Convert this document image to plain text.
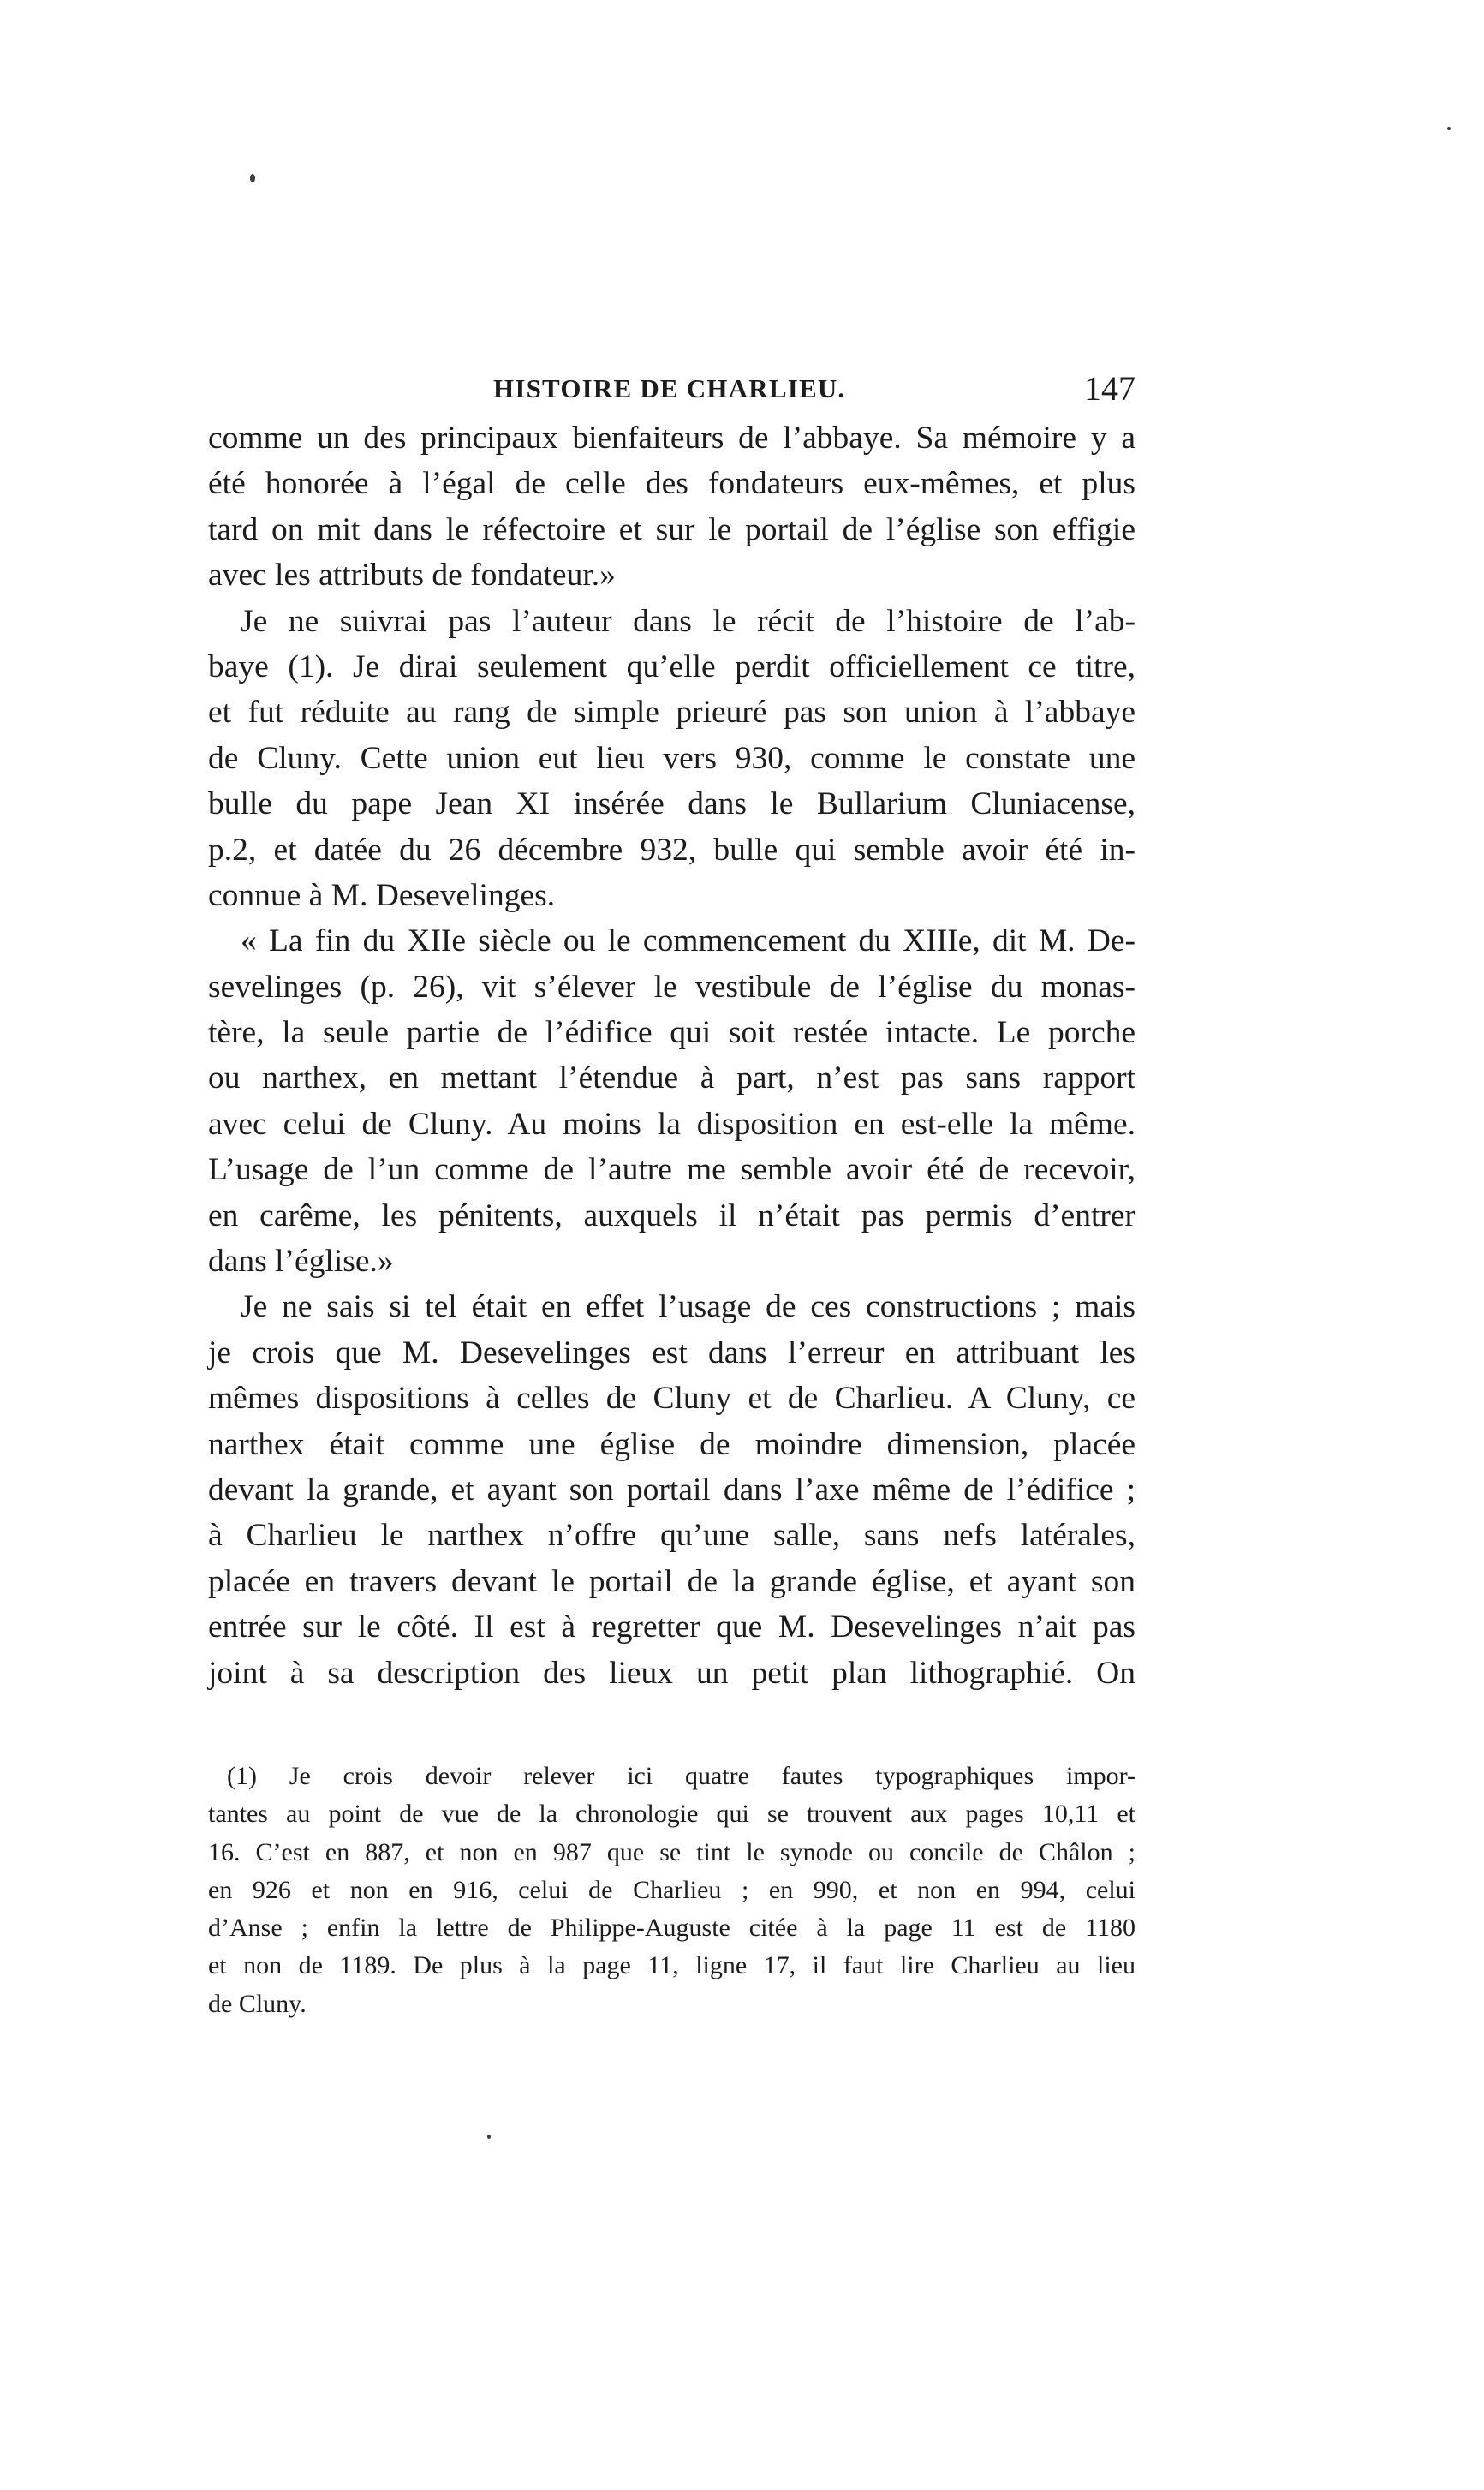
HISTOIRE DE CHARLIEU.	147
comme un des principaux bienfaiteurs de l’abbaye. Sa mémoire y a
été honorée à l’égal de celle des fondateurs eux-mêmes, et plus
tard on mit dans le réfectoire et sur le portail de l’église son effigie
avec les attributs de fondateur.»
Je ne suivrai pas l’auteur dans le récit de l’histoire de l’ab-
baye (1). Je dirai seulement qu’elle perdit officiellement ce titre,
et fut réduite au rang de simple prieuré pas son union à l’abbaye
de Cluny. Cette union eut lieu vers 930, comme le constate une
bulle du pape Jean XI insérée dans le Bullarium Cluniacense,
p.2, et datée du 26 décembre 932, bulle qui semble avoir été in-
connue à M. Desevelinges.
« La fin du XIIe siècle ou le commencement du XIIIe, dit M. De-
sevelinges (p. 26), vit s’élever le vestibule de l’église du monas-
tère, la seule partie de l’édifice qui soit restée intacte. Le porche
ou narthex, en mettant l’étendue à part, n’est pas sans rapport
avec celui de Cluny. Au moins la disposition en est-elle la même.
L’usage de l’un comme de l’autre me semble avoir été de recevoir,
en carême, les pénitents, auxquels il n’était pas permis d’entrer
dans l’église.»
Je ne sais si tel était en effet l’usage de ces constructions ; mais
je crois que M. Desevelinges est dans l’erreur en attribuant les
mêmes dispositions à celles de Cluny et de Charlieu. A Cluny, ce
narthex était comme une église de moindre dimension, placée
devant la grande, et ayant son portail dans l’axe même de l’édifice ;
à Charlieu le narthex n’offre qu’une salle, sans nefs latérales,
placée en travers devant le portail de la grande église, et ayant son
entrée sur le côté. Il est à regretter que M. Desevelinges n’ait pas
joint à sa description des lieux un petit plan lithographié. On
(1) Je crois devoir relever ici quatre fautes typographiques impor-
tantes au point de vue de la chronologie qui se trouvent aux pages 10,11 et
16. C’est en 887, et non en 987 que se tint le synode ou concile de Châlon ;
en 926 et non en 916, celui de Charlieu ; en 990, et non en 994, celui
d’Anse ; enfin la lettre de Philippe-Auguste citée à la page 11 est de 1180
et non de 1189. De plus à la page 11, ligne 17, il faut lire Charlieu au lieu
de Cluny.
